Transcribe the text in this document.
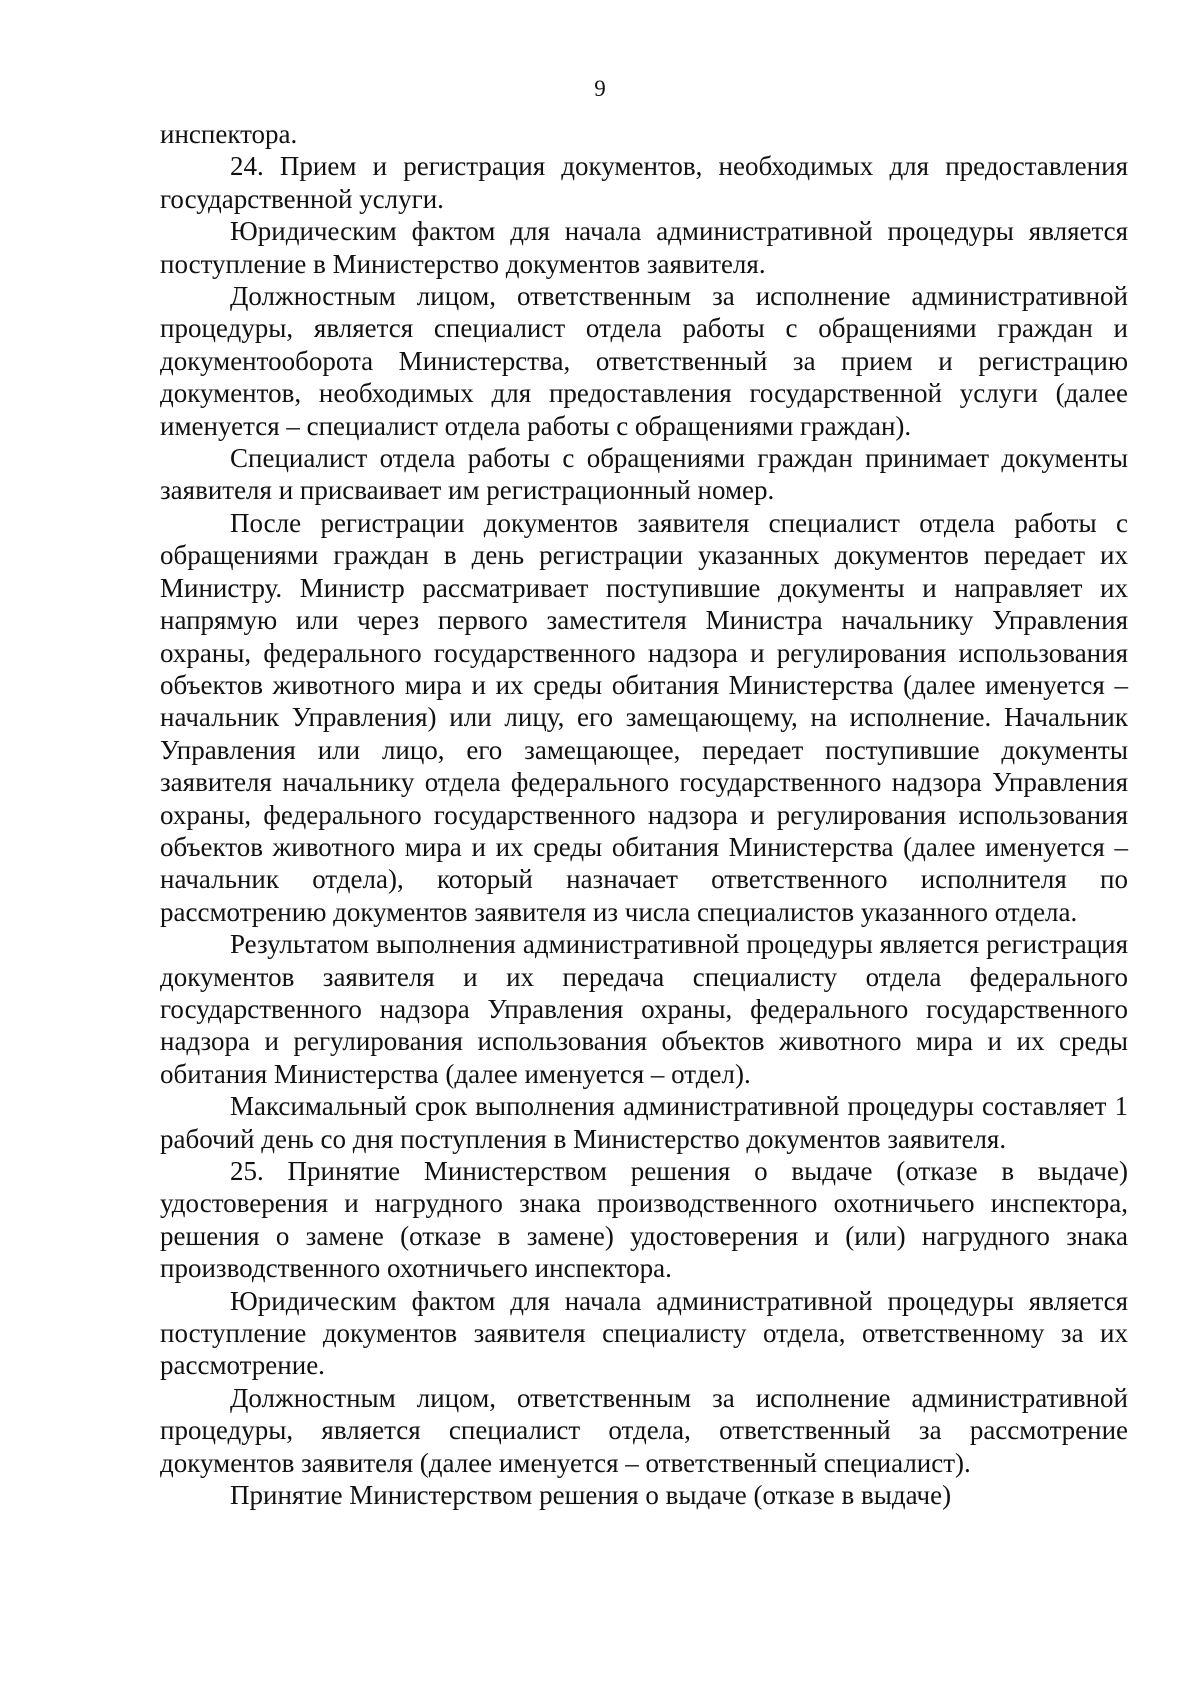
9

инспектора.

24. Прием и регистрация документов, необходимых для предоставления государственной услуги.

Юридическим фактом для начала административной процедуры является поступление в Министерство документов заявителя.

Должностным лицом, ответственным за исполнение административной процедуры, является специалист отдела работы с обращениями граждан и документооборота Министерства, ответственный за прием и регистрацию документов, необходимых для предоставления государственной услуги (далее именуется – специалист отдела работы с обращениями граждан).

Специалист отдела работы с обращениями граждан принимает документы заявителя и присваивает им регистрационный номер.

После регистрации документов заявителя специалист отдела работы с обращениями граждан в день регистрации указанных документов передает их Министру. Министр рассматривает поступившие документы и направляет их напрямую или через первого заместителя Министра начальнику Управления охраны, федерального государственного надзора и регулирования использования объектов животного мира и их среды обитания Министерства (далее именуется – начальник Управления) или лицу, его замещающему, на исполнение. Начальник Управления или лицо, его замещающее, передает поступившие документы заявителя начальнику отдела федерального государственного надзора Управления охраны, федерального государственного надзора и регулирования использования объектов животного мира и их среды обитания Министерства (далее именуется – начальник отдела), который назначает ответственного исполнителя по рассмотрению документов заявителя из числа специалистов указанного отдела.

Результатом выполнения административной процедуры является регистрация документов заявителя и их передача специалисту отдела федерального государственного надзора Управления охраны, федерального государственного надзора и регулирования использования объектов животного мира и их среды обитания Министерства (далее именуется – отдел).

Максимальный срок выполнения административной процедуры составляет 1 рабочий день со дня поступления в Министерство документов заявителя.

25. Принятие Министерством решения о выдаче (отказе в выдаче) удостоверения и нагрудного знака производственного охотничьего инспектора, решения о замене (отказе в замене) удостоверения и (или) нагрудного знака производственного охотничьего инспектора.

Юридическим фактом для начала административной процедуры является поступление документов заявителя специалисту отдела, ответственному за их рассмотрение.

Должностным лицом, ответственным за исполнение административной процедуры, является специалист отдела, ответственный за рассмотрение документов заявителя (далее именуется – ответственный специалист).

Принятие Министерством решения о выдаче (отказе в выдаче)
